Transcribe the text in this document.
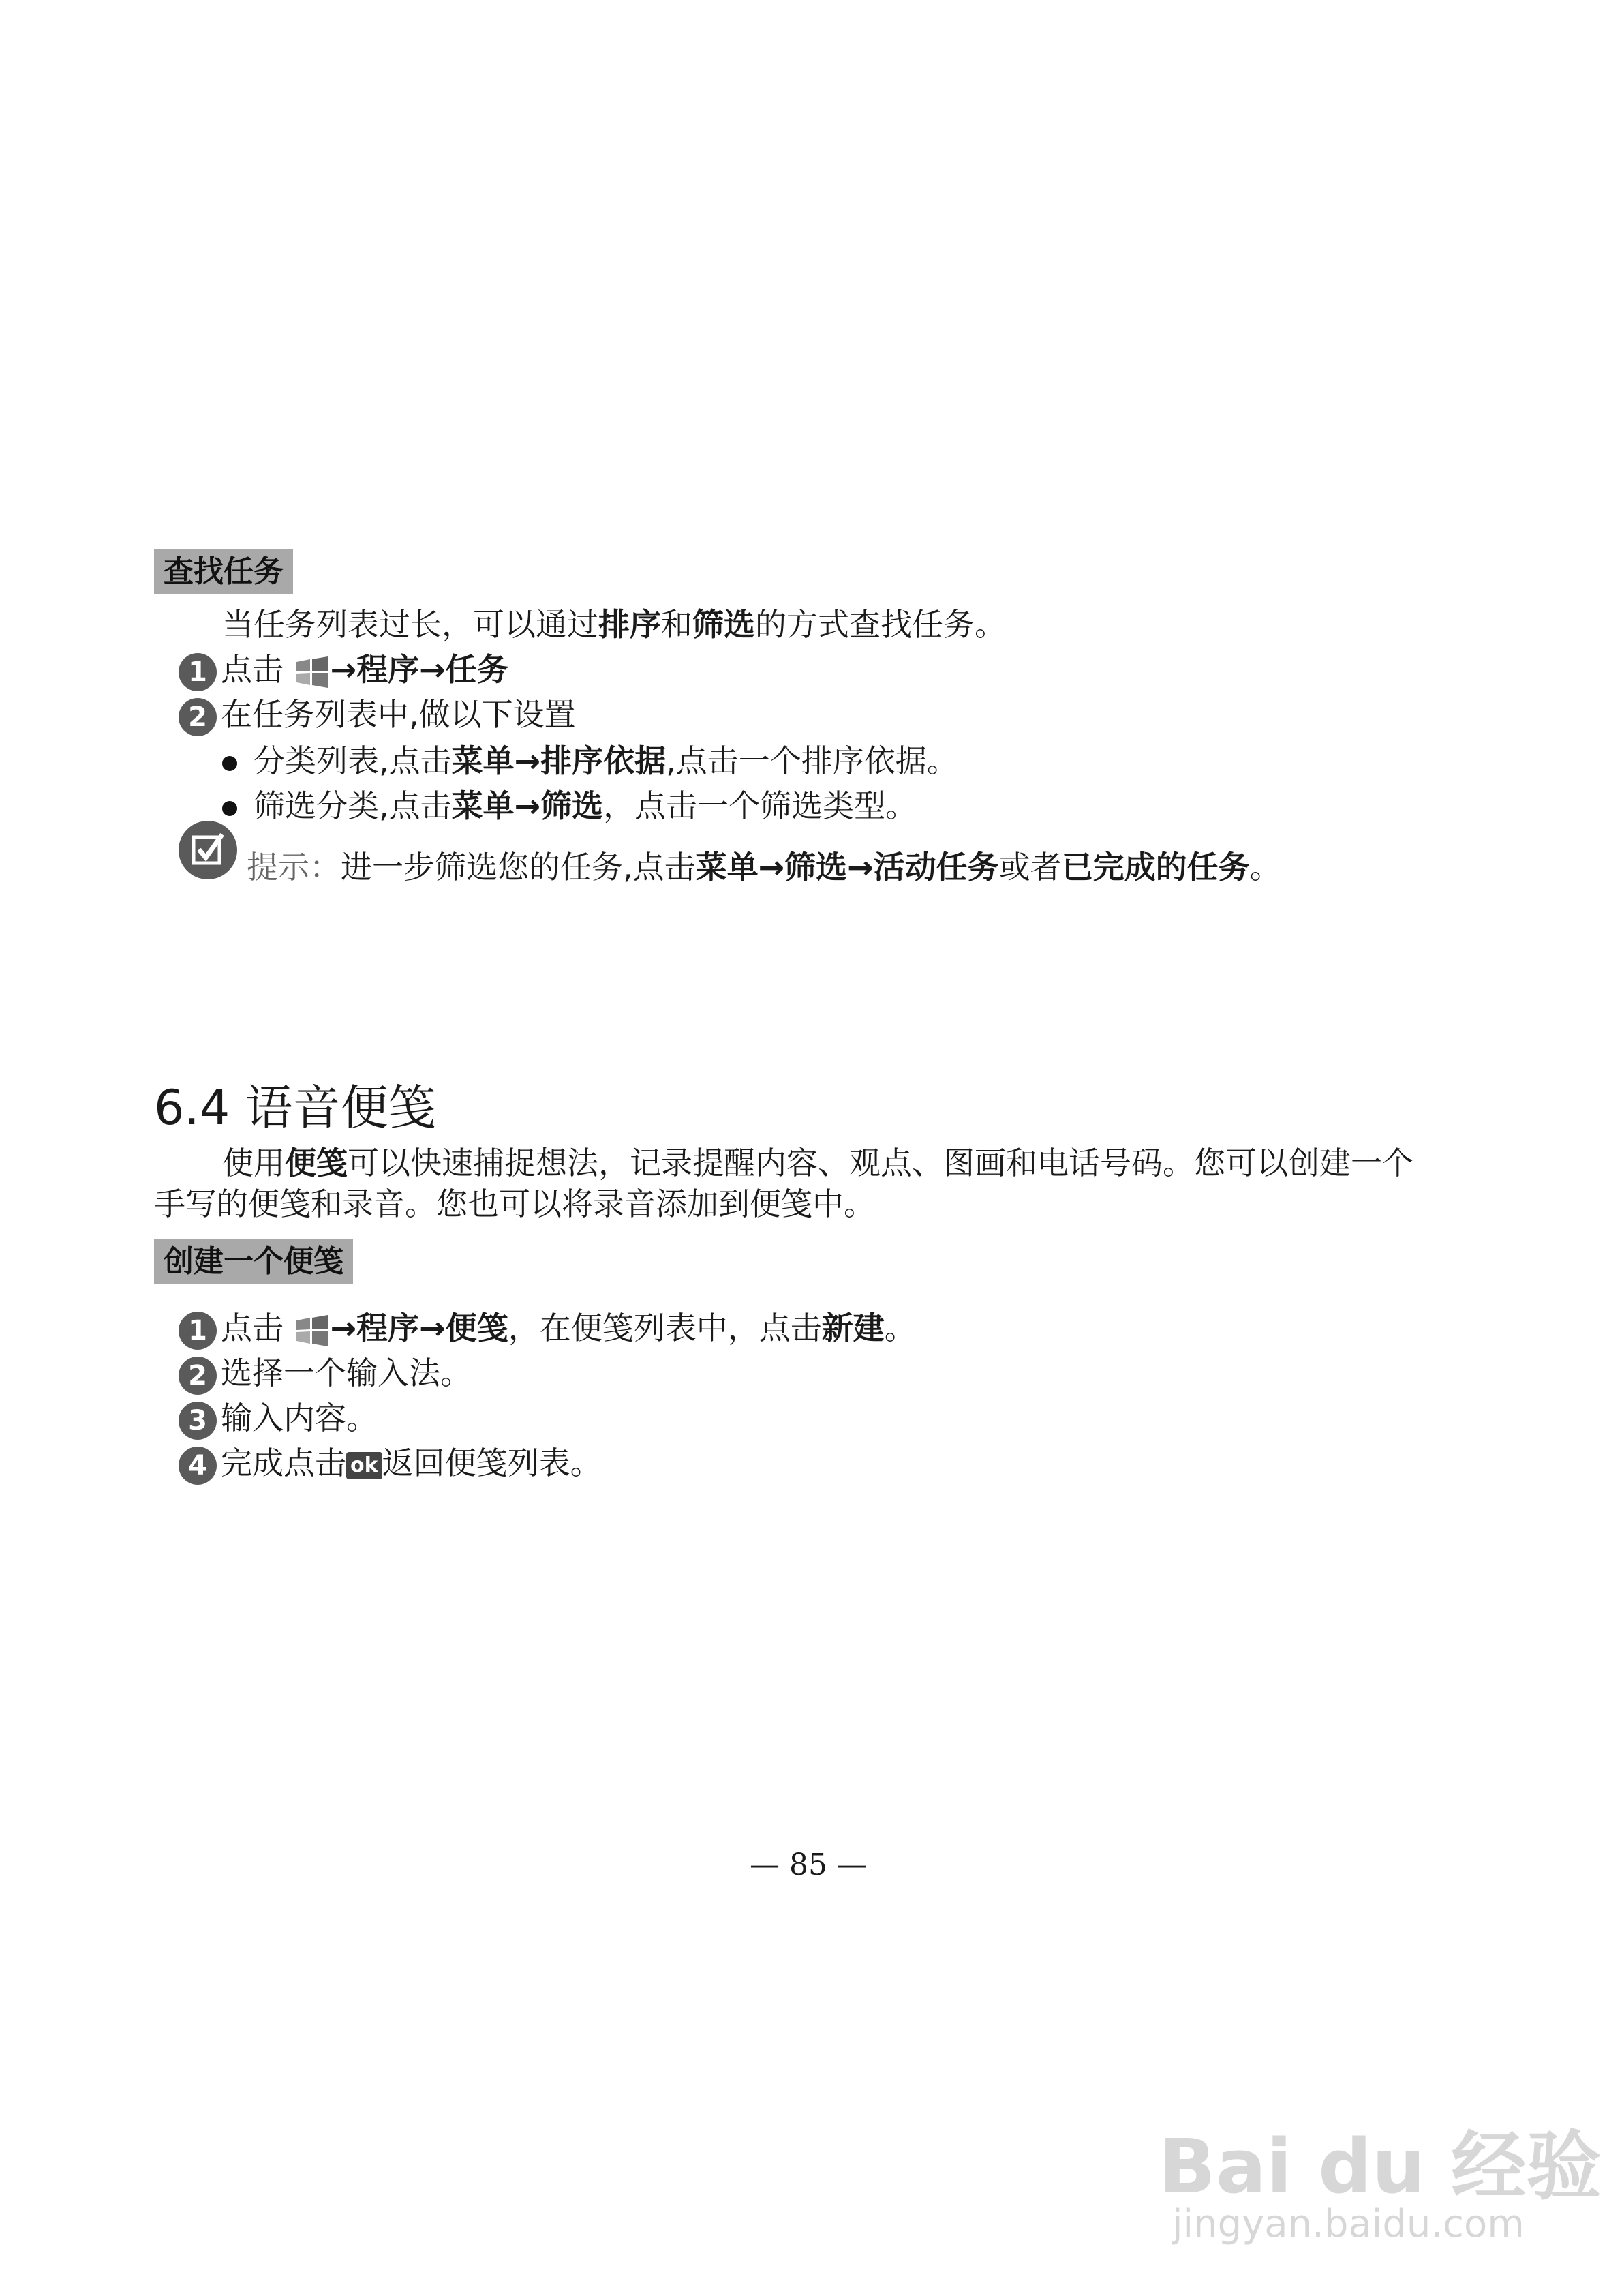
查找任务
当任务列表过长，可以通过排序和筛选的方式查找任务。
1 点击 →程序→任务
2 在任务列表中,做以下设置
分类列表,点击菜单→排序依据,点击一个排序依据。
筛选分类,点击菜单→筛选，点击一个筛选类型。
提示：进一步筛选您的任务,点击菜单→筛选→活动任务或者已完成的任务。
6.4 语音便笺
使用便笺可以快速捕捉想法，记录提醒内容、观点、图画和电话号码。您可以创建一个
手写的便笺和录音。您也可以将录音添加到便笺中。
创建一个便笺
1 点击 →程序→便笺，在便笺列表中，点击新建。
2 选择一个输入法。
3 输入内容。
4 完成点击 ok 返回便笺列表。
— 85 —
Bai du 经验
jingyan.baidu.com
